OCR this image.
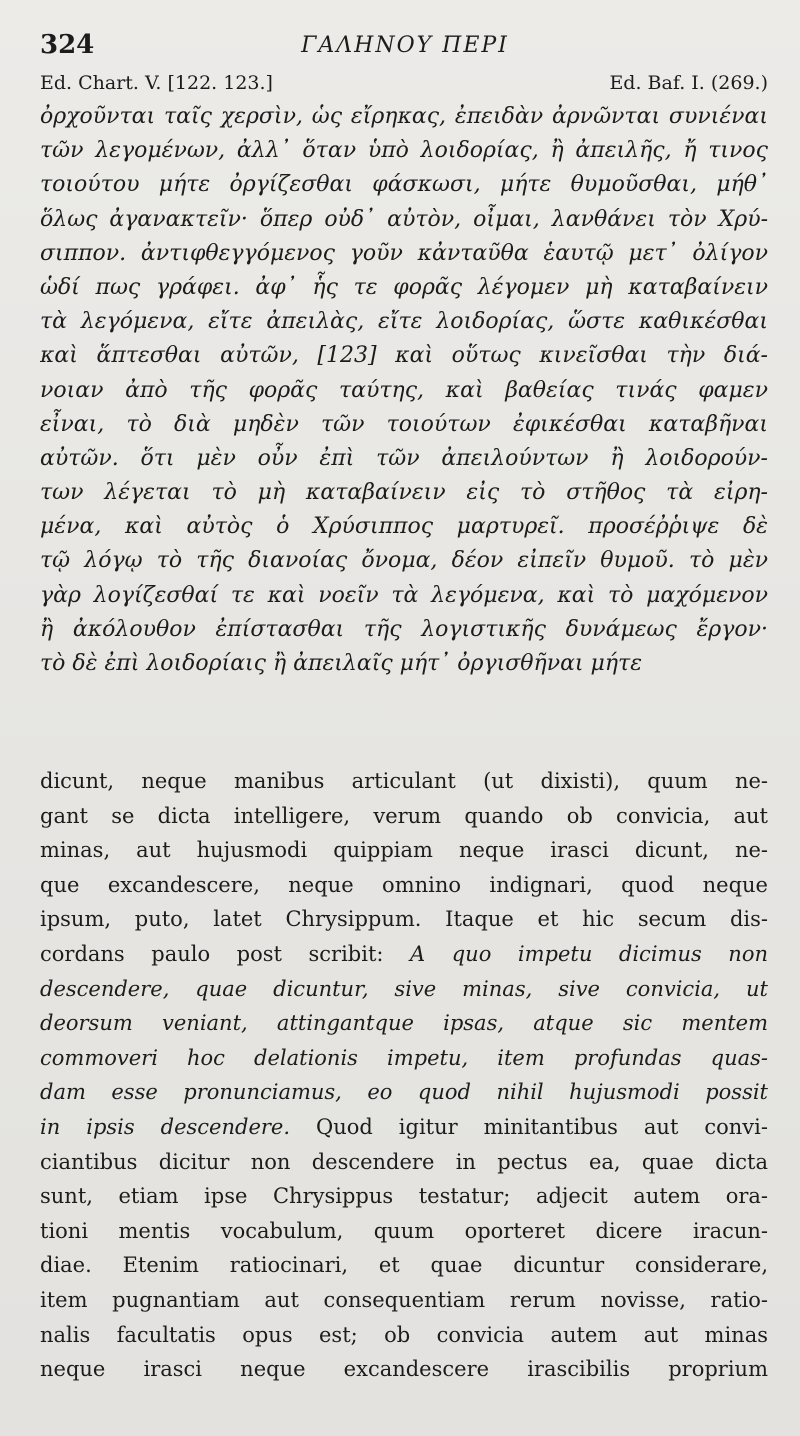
324	ΓΑΛΗΝΟΥ ΠΕΡΙ
Ed. Chart. V. [122. 123.]	Ed. Baf. I. (269.)
ὀρχοῦνται ταῖς χερσὶν, ὡς εἴρηκας, ἐπειδὰν ἀρνῶνται συνιέναι
τῶν λεγομένων, ἀλλ᾽ ὅταν ὑπὸ λοιδορίας, ἢ ἀπειλῆς, ἤ τινος
τοιούτου μήτε ὀργίζεσθαι φάσκωσι, μήτε θυμοῦσθαι, μήθ᾽
ὅλως ἀγανακτεῖν· ὅπερ οὐδ᾽ αὐτὸν, οἶμαι, λανθάνει τὸν Χρύ-
σιππον. ἀντιφθεγγόμενος γοῦν κἀνταῦθα ἑαυτῷ μετ᾽ ὀλίγον
ὡδί πως γράφει. ἀφ᾽ ἧς τε φορᾶς λέγομεν μὴ καταβαίνειν
τὰ λεγόμενα, εἴτε ἀπειλὰς, εἴτε λοιδορίας, ὥστε καθικέσθαι
καὶ ἅπτεσθαι αὐτῶν, [123] καὶ οὕτως κινεῖσθαι τὴν διά-
νοιαν ἀπὸ τῆς φορᾶς ταύτης, καὶ βαθείας τινάς φαμεν
εἶναι, τὸ διὰ μηδὲν τῶν τοιούτων ἐφικέσθαι καταβῆναι
αὐτῶν. ὅτι μὲν οὖν ἐπὶ τῶν ἀπειλούντων ἢ λοιδορούν-
των λέγεται τὸ μὴ καταβαίνειν εἰς τὸ στῆθος τὰ εἰρη-
μένα, καὶ αὐτὸς ὁ Χρύσιππος μαρτυρεῖ. προσέῤῥιψε δὲ
τῷ λόγῳ τὸ τῆς διανοίας ὄνομα, δέον εἰπεῖν θυμοῦ. τὸ μὲν
γὰρ λογίζεσθαί τε καὶ νοεῖν τὰ λεγόμενα, καὶ τὸ μαχόμενον
ἢ ἀκόλουθον ἐπίστασθαι τῆς λογιστικῆς δυνάμεως ἔργον·
τὸ δὲ ἐπὶ λοιδορίαις ἢ ἀπειλαῖς μήτ᾽ ὀργισθῆναι μήτε
dicunt, neque manibus articulant (ut dixisti), quum ne-
gant se dicta intelligere, verum quando ob convicia, aut
minas, aut hujusmodi quippiam neque irasci dicunt, ne-
que excandescere, neque omnino indignari, quod neque
ipsum, puto, latet Chrysippum. Itaque et hic secum dis-
cordans paulo post scribit: A quo impetu dicimus non
descendere, quae dicuntur, sive minas, sive convicia, ut
deorsum veniant, attingantque ipsas, atque sic mentem
commoveri hoc delationis impetu, item profundas quas-
dam esse pronunciamus, eo quod nihil hujusmodi possit
in ipsis descendere. Quod igitur minitantibus aut convi-
ciantibus dicitur non descendere in pectus ea, quae dicta
sunt, etiam ipse Chrysippus testatur; adjecit autem ora-
tioni mentis vocabulum, quum oporteret dicere iracun-
diae. Etenim ratiocinari, et quae dicuntur considerare,
item pugnantiam aut consequentiam rerum novisse, ratio-
nalis facultatis opus est; ob convicia autem aut minas
neque irasci neque excandescere irascibilis proprium
